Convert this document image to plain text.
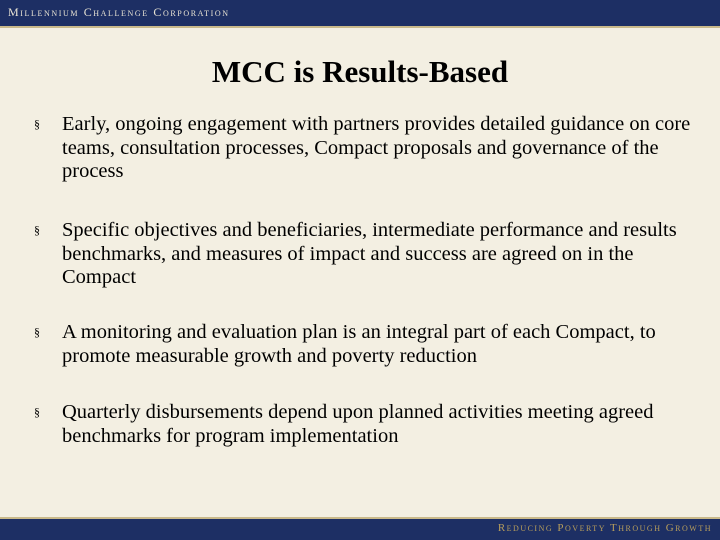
Millennium Challenge Corporation
MCC is Results-Based
§	Early, ongoing engagement with partners provides detailed guidance on core teams, consultation processes, Compact proposals and governance of the process
§	Specific objectives and beneficiaries, intermediate performance and results benchmarks, and measures of impact and success are agreed on in the Compact
§	A monitoring and evaluation plan is an integral part of each Compact, to promote measurable growth and poverty reduction
§	Quarterly disbursements depend upon planned activities meeting agreed benchmarks for program implementation
Reducing Poverty Through Growth
